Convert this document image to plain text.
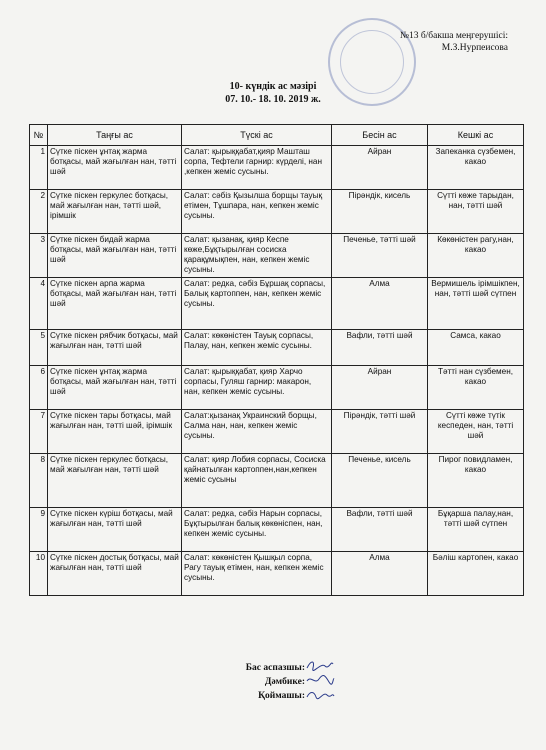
№13 б/бакша меңгерушісі:
М.З.Нурпеисова
10- күндік ас мәзірі
07. 10.- 18. 10. 2019 ж.
№	Таңғы ас	Түскі ас	Бесін ас	Кешкі ас
1	Сүтке піскен ұнтақ жарма ботқасы, май жағылған нан, тәтті шәй	Салат: қырыққабат,қияр Машташ сорпа, Тефтели гарнир: күрделі, нан ,кепкен жеміс сусыны.	Айран	Запеканка сүзбемен, какао
2	Сүтке піскен геркулес ботқасы, май жағылған нан, тәтті шәй, ірімшік	Салат: сәбіз Қызылша борщы тауық етімен, Тұшпара, нан, кепкен жеміс сусыны.	Пірәндік, кисель	Сүтті көже тарыдан, нан, тәтті шәй
3	Сүтке піскен бидай жарма ботқасы, май жағылған нан, тәтті шәй	Салат: қызанақ, қияр Кеспе көже,Бұқтырылған сосиска қарақұмықпен, нан, кепкен жеміс сусыны.	Печенье, тәтті шәй	Көкөністен рагу,нан, какао
4	Сүтке піскен арпа жарма ботқасы, май жағылған нан, тәтті шәй	Салат: редка, сәбіз Бұршақ сорпасы, Балық картоппен, нан, кепкен жеміс сусыны.	Алма	Вермишель ірімшікпен, нан, тәтті шәй сүтпен
5	Сүтке піскен рябчик ботқасы, май жағылған нан, тәтті шәй	Салат: көкөністен Тауық сорпасы, Палау, нан, кепкен жеміс сусыны.	Вафли, тәтті шәй	Самса, какао
6	Сүтке піскен ұнтақ жарма ботқасы, май жағылған нан, тәтті шәй	Салат: қырыққабат, қияр Харчо сорпасы, Гуляш гарнир: макарон, нан, кепкен жеміс сусыны.	Айран	Тәтті нан сүзбемен, какао
7	Сүтке піскен тары ботқасы, май жағылған нан, тәтті шәй, ірімшік	Салат:қызанақ Украинский борщы, Салма нан, нан, кепкен жеміс сусыны.	Пірәндік, тәтті шәй	Сүтті көже түтік кеспеден, нан, тәтті шәй
8	Сүтке піскен геркулес ботқасы, май жағылған нан, тәтті шәй	Салат: қияр Лобия сорпасы, Сосиска қайнатылған картоппен,нан,кепкен жеміс сусыны	Печенье, кисель	Пирог повидламен, какао
9	Сүтке піскен күріш ботқасы, май жағылған нан, тәтті шәй	Салат: редка, сәбіз Нарын сорпасы, Бұқтырылған балық көкөніспен, нан, кепкен жеміс сусыны.	Вафли, тәтті шәй	Бұқарша палау,нан, тәтті шәй сүтпен
10	Сүтке піскен достық ботқасы, май жағылған нан, тәтті шәй	Салат: көкөністен Қышқыл сорпа, Рагу тауық етімен, нан, кепкен жеміс сусыны.	Алма	Бәліш картопен, какао
Бас аспазшы:
Дәмбике:
Қоймашы:
